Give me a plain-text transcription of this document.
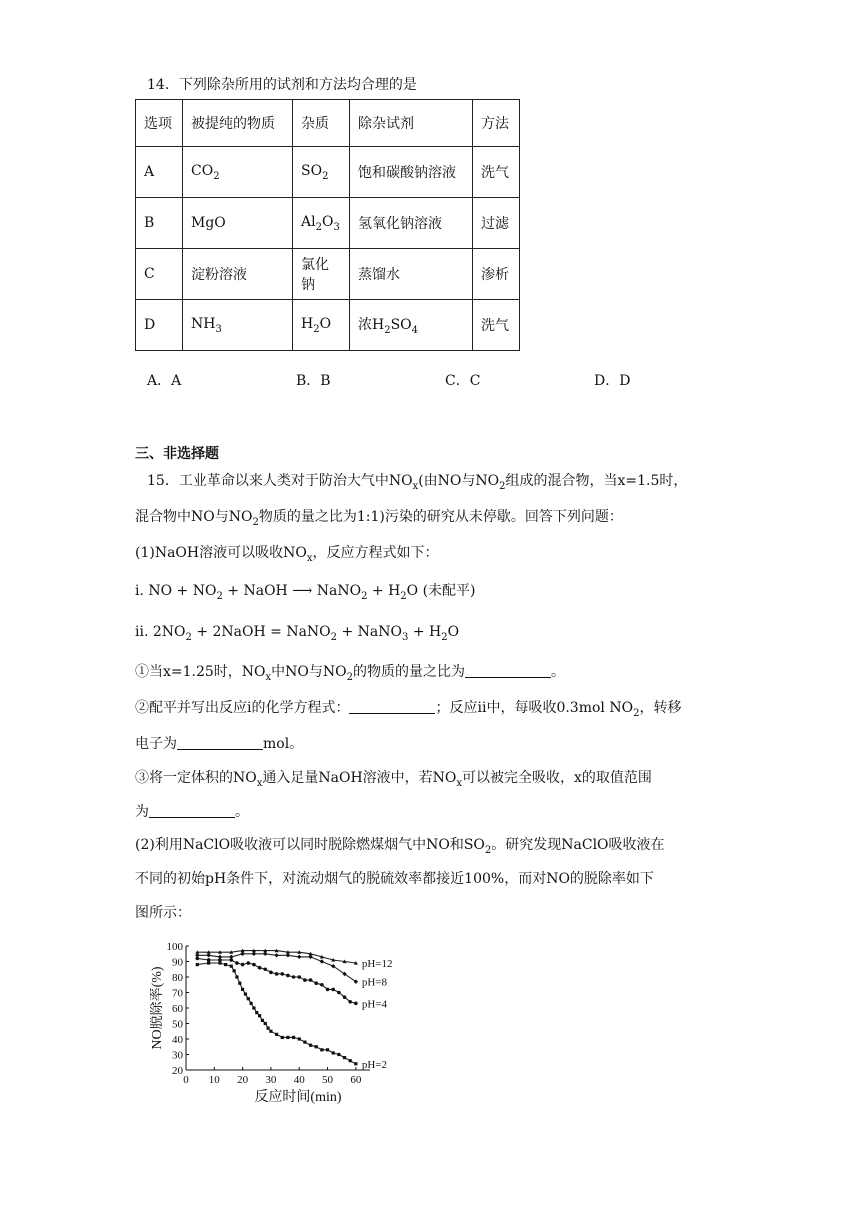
14．下列除杂所用的试剂和方法均合理的是
选项	被提纯的物质	杂质	除杂试剂	方法
A	$CO_2$	$SO_2$	饱和碳酸钠溶液	洗气
B	MgO	$Al_2O_3$	氢氧化钠溶液	过滤
C	淀粉溶液	氯化钠	蒸馏水	渗析
D	$NH_3$	$H_2O$	浓$H_2SO_4$	洗气
A．A	B．B	C．C	D．D
三、非选择题
15．工业革命以来人类对于防治大气中$NO_x$(由NO与$NO_2$组成的混合物，当x=1.5时，
混合物中NO与$NO_2$物质的量之比为1:1)污染的研究从未停歇。回答下列问题：
(1)NaOH溶液可以吸收$NO_x$，反应方程式如下：
i. NO + $NO_2$ + NaOH ⟶ NaNO$_2$ + $H_2O$ (未配平)
ii. $2NO_2$ + 2NaOH = NaNO$_2$ + NaNO$_3$ + $H_2O$
①当x=1.25时，$NO_x$中NO与$NO_2$的物质的量之比为	。
②配平并写出反应i的化学方程式：	；反应ii中，每吸收0.3mol $NO_2$，转移
电子为	mol。
③将一定体积的$NO_x$通入足量NaOH溶液中，若$NO_x$可以被完全吸收，x的取值范围
为	。
(2)利用NaClO吸收液可以同时脱除燃煤烟气中NO和$SO_2$。研究发现NaClO吸收液在
不同的初始pH条件下，对流动烟气的脱硫效率都接近100%，而对NO的脱除率如下
图所示：
20
30
40
50
60
70
80
90
100
0 10 20 30 40 50 60
NO脱除率(%)
反应时间(min)
pH=12
pH=8
pH=4
pH=2
